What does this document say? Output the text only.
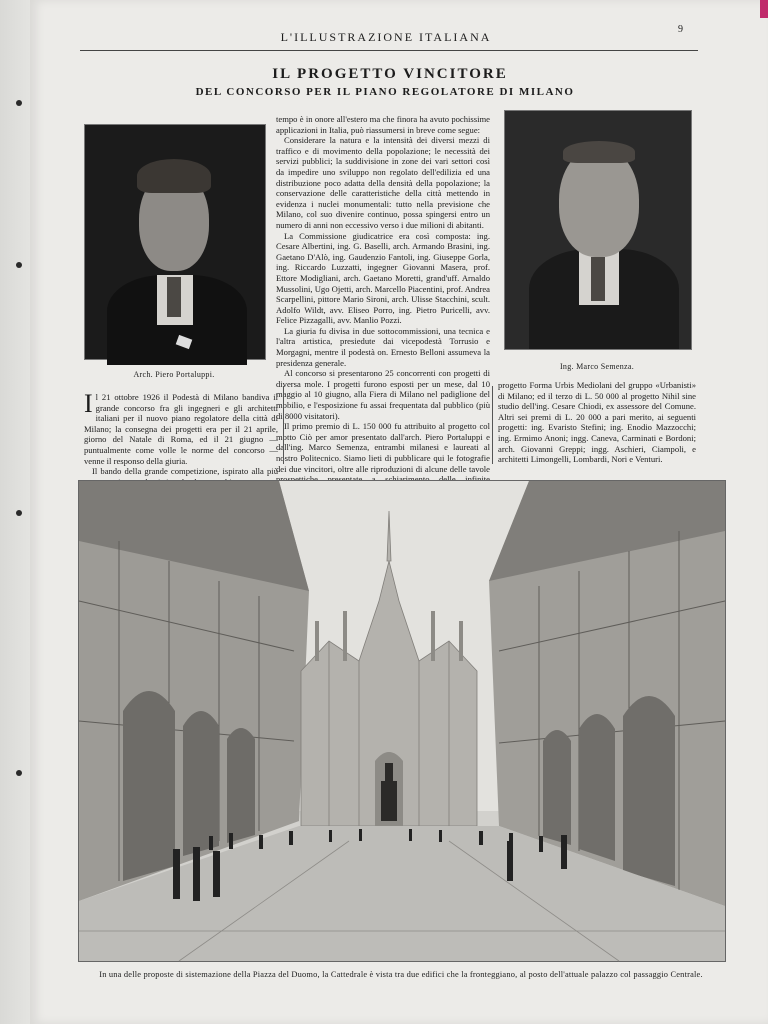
L'ILLUSTRAZIONE ITALIANA
9
IL PROGETTO VINCITORE
DEL CONCORSO PER IL PIANO REGOLATORE DI MILANO
Arch. Piero Portaluppi.
Ing. Marco Semenza.

tempo è in onore all'estero ma che finora ha avuto pochissime applicazioni in Italia, può riassumersi in breve come segue:

Considerare la natura e la intensità dei diversi mezzi di traffico e di movimento della popolazione; le necessità dei servizi pubblici; la suddivisione in zone dei vari settori così da impedire uno sviluppo non regolato dell'edilizia ed una distribuzione poco adatta della densità della popolazione; la conservazione delle caratteristiche della città mettendo in evidenza i nuclei monumentali: tutto nella previsione che Milano, col suo divenire continuo, possa spingersi entro un numero di anni non eccessivo verso i due milioni di abitanti.

La Commissione giudicatrice era così composta: ing. Cesare Albertini, ing. G. Baselli, arch. Armando Brasini, ing. Gaetano D'Alò, ing. Gaudenzio Fantoli, ing. Giuseppe Gorla, ing. Riccardo Luzzatti, ingegner Giovanni Masera, prof. Ettore Modigliani, arch. Gaetano Moretti, grand'uff. Arnaldo Mussolini, Ugo Ojetti, arch. Marcello Piacentini, prof. Andrea Scarpellini, pittore Mario Sironi, arch. Ulisse Stacchini, scult. Adolfo Wildt, avv. Eliseo Porro, ing. Pietro Puricelli, avv. Felice Pizzagalli, avv. Manlio Pozzi.

La giuria fu divisa in due sottocommissioni, una tecnica e l'altra artistica, presiedute dai vicepodestà Torrusio e Morgagni, mentre il podestà on. Ernesto Belloni assumeva la presidenza generale.

Al concorso si presentarono 25 concorrenti con progetti di diversa mole. I progetti furono esposti per un mese, dal 10 maggio al 10 giugno, alla Fiera di Milano nel padiglione del mobilio, e l'esposizione fu assai frequentata dal pubblico (più di 8000 visitatori).

Il primo premio di L. 150 000 fu attribuito al progetto col motto Ciò per amor presentato dall'arch. Piero Portaluppi e dall'ing. Marco Semenza, entrambi milanesi e laureati al nostro Politecnico. Siamo lieti di pubblicare qui le fotografie dei due vincitori, oltre alle riproduzioni di alcune delle tavole

Il 21 ottobre 1926 il Podestà di Milano bandiva il grande concorso fra gli ingegneri e gli architetti italiani per il nuovo piano regolatore della città di Milano; la consegna dei progetti era per il 21 aprile, giorno del Natale di Roma, ed il 21 giugno — puntualmente come volle le norme del concorso — venne il responso della giuria.

Il bando della grande competizione, ispirato alla più

progetto Forma Urbis Mediolani del gruppo «Urbanisti» di Milano; ed il terzo di L. 50 000 al progetto Nihil sine studio dell'ing. Cesare Chiodi, ex assessore del Comune. Altri sei premi di L. 20 000 a pari merito, ai seguenti progetti: ing. Evaristo Stefini; ing. Enodio Mazzocchi; ing. Ermimo Anoni; ingg. Caneva, Carminati e Bordoni; arch. Giovanni Greppi; ingg. Aschieri, Ciampoli, e architetti Limongelli, Lombardi, Nori e Venturi.

In una delle proposte di sistemazione della Piazza del Duomo, la Cattedrale è vista tra due edifici che la fronteggiano, al posto dell'attuale palazzo col passaggio Centrale.
